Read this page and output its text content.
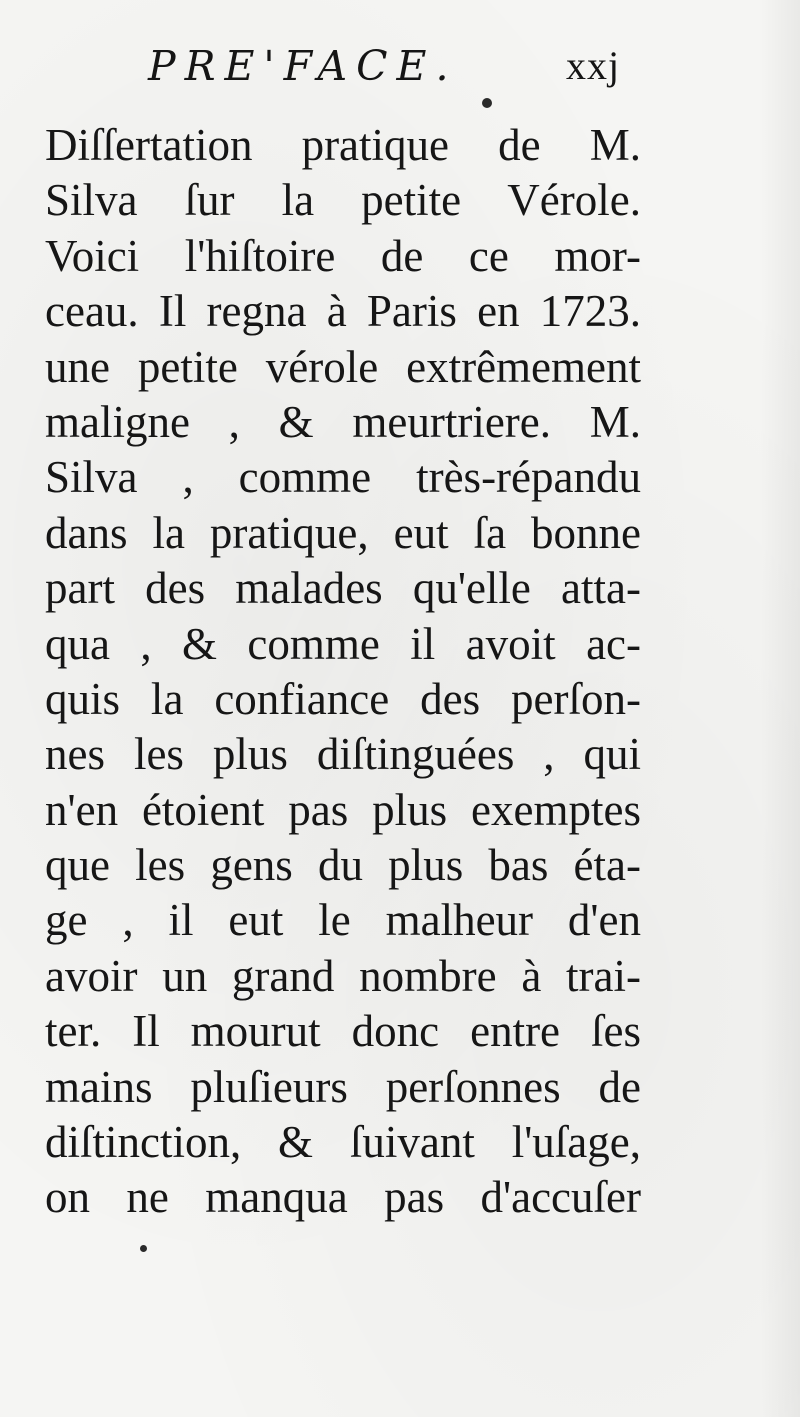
PRE'FACE.	xxj
Diſſertation pratique de M.
Silva ſur la petite Vérole.
Voici l'hiſtoire de ce mor-
ceau. Il regna à Paris en 1723.
une petite vérole extrêmement
maligne , & meurtriere. M.
Silva , comme très-répandu
dans la pratique, eut ſa bonne
part des malades qu'elle atta-
qua , & comme il avoit ac-
quis la confiance des perſon-
nes les plus diſtinguées , qui
n'en étoient pas plus exemptes
que les gens du plus bas éta-
ge , il eut le malheur d'en
avoir un grand nombre à trai-
ter. Il mourut donc entre ſes
mains pluſieurs perſonnes de
diſtinction, & ſuivant l'uſage,
on ne manqua pas d'accuſer
